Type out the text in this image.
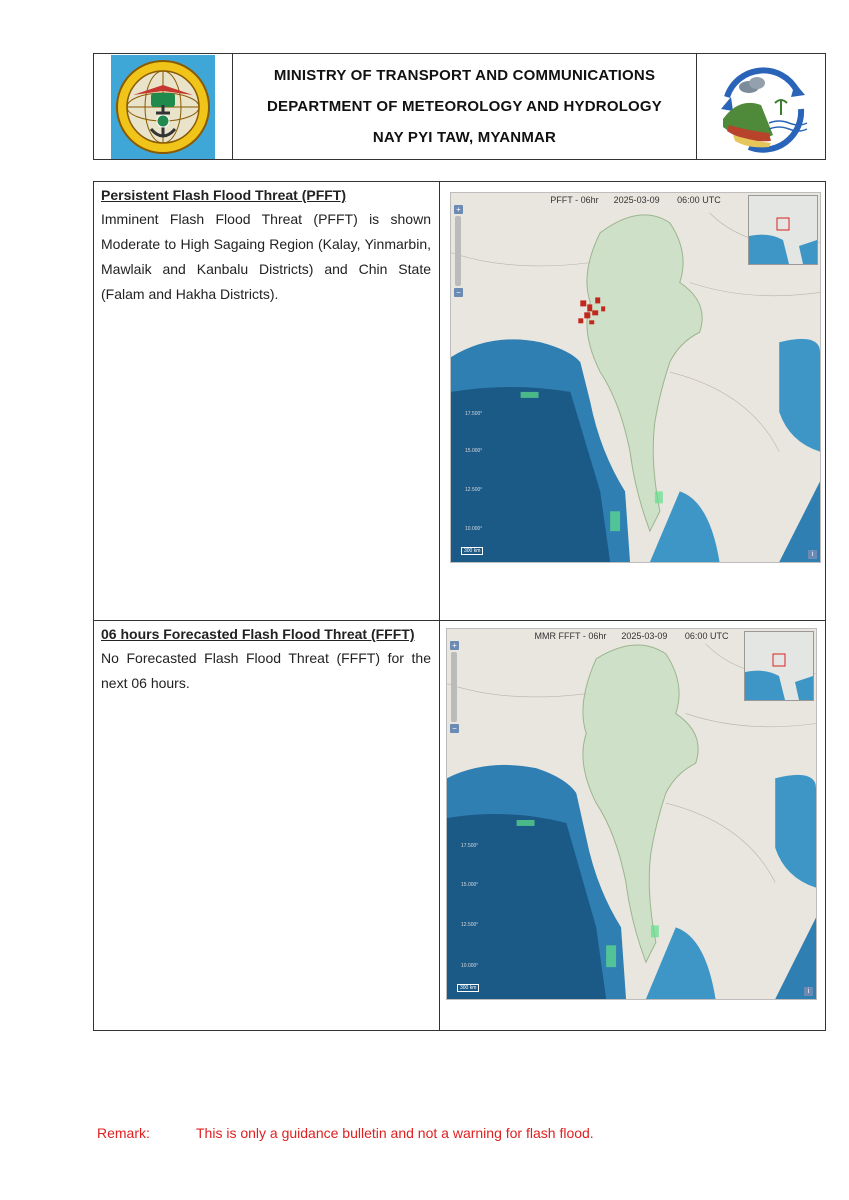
MINISTRY OF TRANSPORT AND COMMUNICATIONS
DEPARTMENT OF METEOROLOGY AND HYDROLOGY
NAY PYI TAW, MYANMAR
Persistent Flash Flood Threat (PFFT)
Imminent Flash Flood Threat (PFFT) is shown Moderate to High Sagaing Region (Kalay, Yinmarbin, Mawlaik and Kanbalu Districts) and Chin State (Falam and Hakha Districts).
PFFT - 06hr      2025-03-09       06:00 UTC
+
−
17.500°
15.000°
12.500°
10.000°
300 km	i
06 hours Forecasted Flash Flood Threat (FFFT)
No Forecasted Flash Flood Threat (FFFT) for the next 06 hours.
MMR FFFT - 06hr      2025-03-09       06:00 UTC
+
−
17.500°
15.000°
12.500°
10.000°
300 km	i
Remark:	This is only a guidance bulletin and not a warning for flash flood.
